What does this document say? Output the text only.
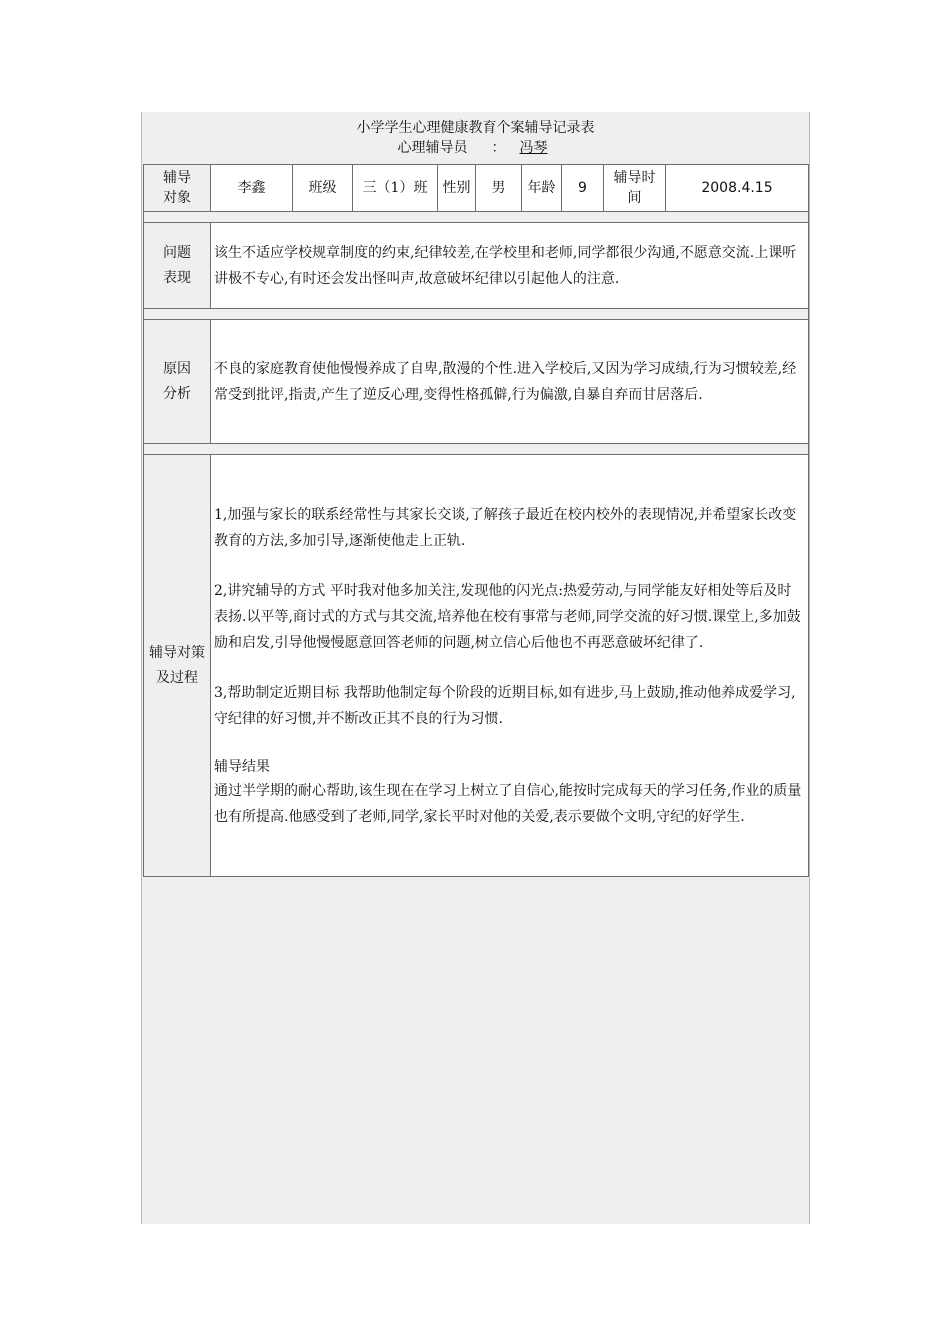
小学学生心理健康教育个案辅导记录表
心理辅导员 ： 冯琴
辅导对象	李鑫	班级	三（1）班	性别	男	年龄	9	辅导时间	2008.4.15

问题表现	该生不适应学校规章制度的约束,纪律较差,在学校里和老师,同学都很少沟通,不愿意交流.上课听讲极不专心,有时还会发出怪叫声,故意破坏纪律以引起他人的注意.								

原因分析	不良的家庭教育使他慢慢养成了自卑,散漫的个性.进入学校后,又因为学习成绩,行为习惯较差,经常受到批评,指责,产生了逆反心理,变得性格孤僻,行为偏激,自暴自弃而甘居落后.								

辅导对策及过程	1,加强与家长的联系经常性与其家长交谈,了解孩子最近在校内校外的表现情况,并希望家长改变教育的方法,多加引导,逐渐使他走上正轨.

2,讲究辅导的方式 平时我对他多加关注,发现他的闪光点:热爱劳动,与同学能友好相处等后及时表扬.以平等,商讨式的方式与其交流,培养他在校有事常与老师,同学交流的好习惯.课堂上,多加鼓励和启发,引导他慢慢愿意回答老师的问题,树立信心后他也不再恶意破坏纪律了.

3,帮助制定近期目标 我帮助他制定每个阶段的近期目标,如有进步,马上鼓励,推动他养成爱学习,守纪律的好习惯,并不断改正其不良的行为习惯.

辅导结果

通过半学期的耐心帮助,该生现在在学习上树立了自信心,能按时完成每天的学习任务,作业的质量也有所提高.他感受到了老师,同学,家长平时对他的关爱,表示要做个文明,守纪的好学生.								
